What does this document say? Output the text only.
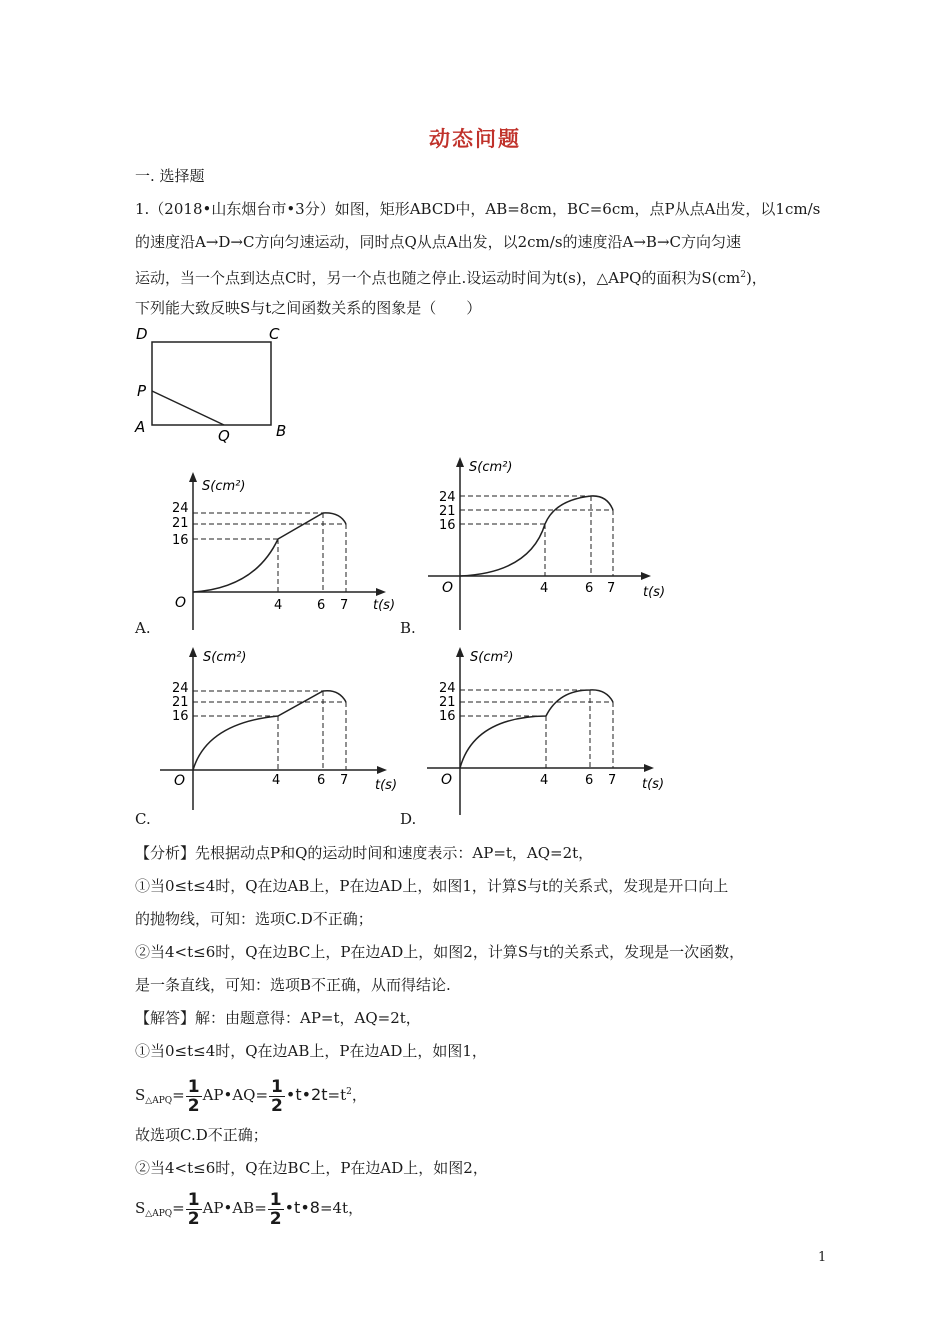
动态问题
一. 选择题
1.（2018•山东烟台市•3分）如图，矩形ABCD中，AB=8cm，BC=6cm，点P从点A出发，以1cm/s
的速度沿A→D→C方向匀速运动，同时点Q从点A出发，以2cm/s的速度沿A→B→C方向匀速
运动，当一个点到达点C时，另一个点也随之停止.设运动时间为t(s)，△APQ的面积为$S(cm^2)$，
下列能大致反映S与t之间函数关系的图象是（　　）
D	C
P
A	Q	B
S(cm²)
t(s)
O
24
21
16
4	6 7
A.
S(cm²)
t(s)
O
24
21
16
4	6 7
B.
S(cm²)
t(s)
O
24
21
16
4	6 7
C.
S(cm²)
t(s)
O
24
21
16
4	6 7
D.
【分析】先根据动点P和Q的运动时间和速度表示：AP=t，AQ=2t，
①当0≤t≤4时，Q在边AB上，P在边AD上，如图1，计算S与t的关系式，发现是开口向上
的抛物线，可知：选项C.D不正确；
②当4<t≤6时，Q在边BC上，P在边AD上，如图2，计算S与t的关系式，发现是一次函数，
是一条直线，可知：选项B不正确，从而得结论.
【解答】解：由题意得：AP=t，AQ=2t，
①当0≤t≤4时，Q在边AB上，P在边AD上，如图1，
$S_{\triangle APQ}= \frac{1}{2}$ AP•AQ= $\frac{1}{2}$ $•t•2t=t^2$，
故选项C.D不正确；
②当4<t≤6时，Q在边BC上，P在边AD上，如图2，
$S_{\triangle APQ}= \frac{1}{2}$ AP•AB= $\frac{1}{2}$ •t•8=4t，
1
